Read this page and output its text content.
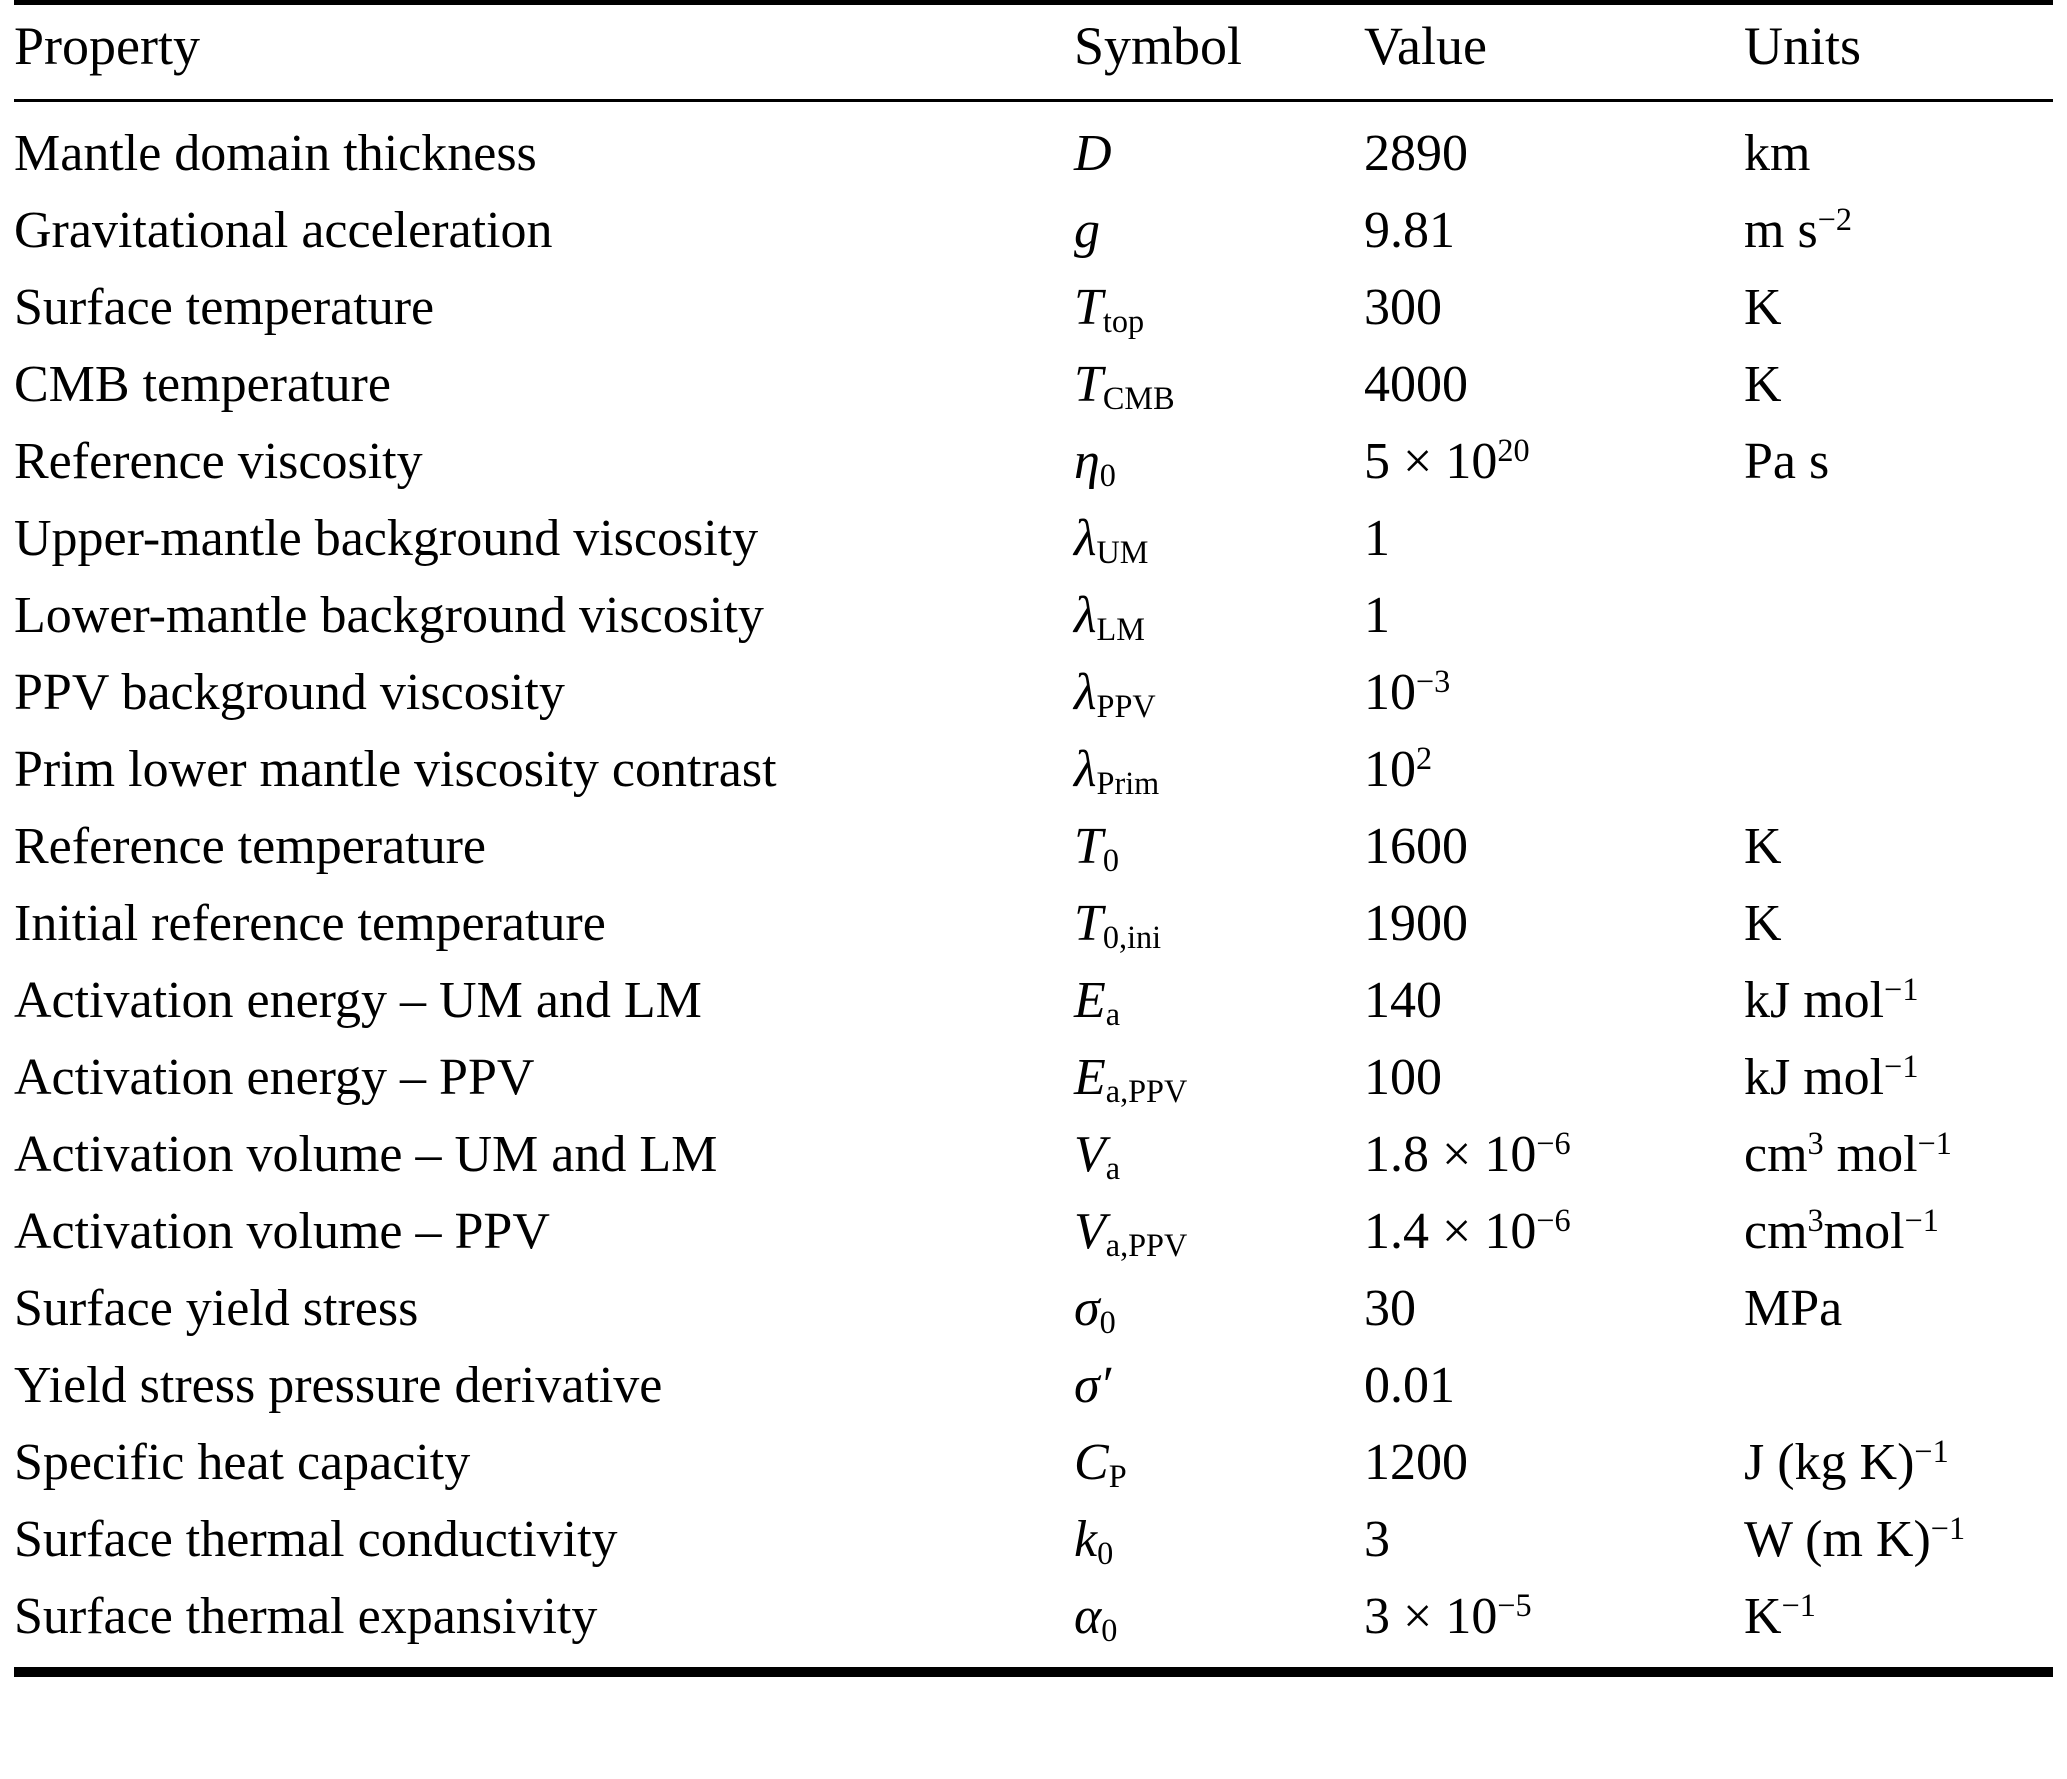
Property	Symbol	Value	Units
Mantle domain thickness	D	2890	km
Gravitational acceleration	g	9.81	m $s^{-2}$
Surface temperature	$T_{top}$	300	K
CMB temperature	$T_{CMB}$	4000	K
Reference viscosity	$\eta_0$	$5 \times 10^{20}$	Pa s
Upper-mantle background viscosity	$\lambda_{UM}$	1	
Lower-mantle background viscosity	$\lambda_{LM}$	1	
PPV background viscosity	$\lambda_{PPV}$	$10^{-3}$	
Prim lower mantle viscosity contrast	$\lambda_{Prim}$	$10^2$	
Reference temperature	$T_0$	1600	K
Initial reference temperature	$T_{0,ini}$	1900	K
Activation energy – UM and LM	$E_a$	140	kJ mol$^{-1}$
Activation energy – PPV	$E_{a,PPV}$	100	kJ mol$^{-1}$
Activation volume – UM and LM	$V_a$	$1.8 \times 10^{-6}$	$cm^3$ mol$^{-1}$
Activation volume – PPV	$V_{a,PPV}$	$1.4 \times 10^{-6}$	$cm^3mol^{-1}$
Surface yield stress	$\sigma_0$	30	MPa
Yield stress pressure derivative	σ′	0.01	
Specific heat capacity	$C_P$	1200	J (kg K)$^{-1}$
Surface thermal conductivity	$k_0$	3	W (m K)$^{-1}$
Surface thermal expansivity	$\alpha_0$	$3 \times 10^{-5}$	$K^{-1}$
